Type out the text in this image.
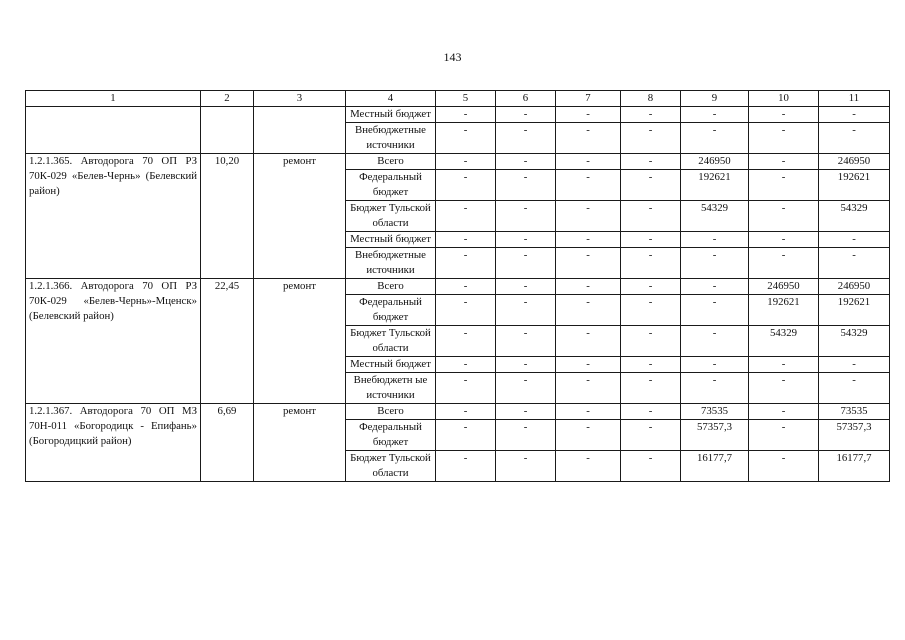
143
1	2	3	4	5	6	7	8	9	10	11
			Местный бюджет	-	-	-	-	-	-	-
			Внебюджетные источники	-	-	-	-	-	-	-
1.2.1.365. Автодорога 70 ОП РЗ 70К-029 «Белев-Чернь» (Белевский район)	10,20	ремонт	Всего	-	-	-	-	246950	-	246950
			Федеральный бюджет	-	-	-	-	192621	-	192621
			Бюджет Тульской области	-	-	-	-	54329	-	54329
			Местный бюджет	-	-	-	-	-	-	-
			Внебюджетные источники	-	-	-	-	-	-	-
1.2.1.366. Автодорога 70 ОП РЗ 70К-029 «Белев-Чернь»-Мценск» (Белевский район)	22,45	ремонт	Всего	-	-	-	-	-	246950	246950
			Федеральный бюджет	-	-	-	-	-	192621	192621
			Бюджет Тульской области	-	-	-	-	-	54329	54329
			Местный бюджет	-	-	-	-	-	-	-
			Внебюджетн ые источники	-	-	-	-	-	-	-
1.2.1.367. Автодорога 70 ОП МЗ 70Н-011 «Богородицк - Епифань» (Богородицкий район)	6,69	ремонт	Всего	-	-	-	-	73535	-	73535
			Федеральный бюджет	-	-	-	-	57357,3	-	57357,3
			Бюджет Тульской области	-	-	-	-	16177,7	-	16177,7
